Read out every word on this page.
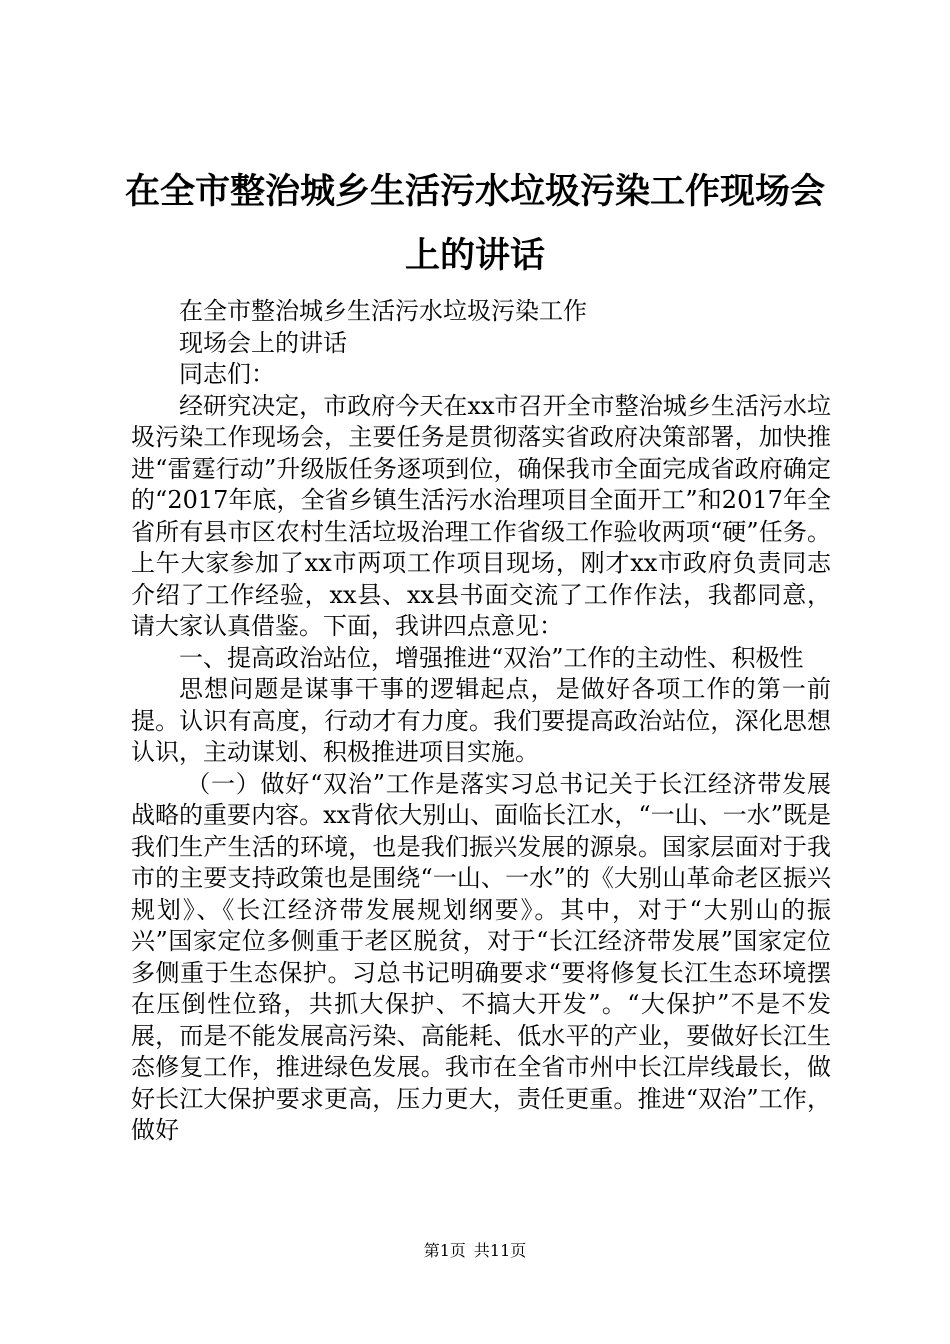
在全市整治城乡生活污水垃圾污染工作现场会上的讲话

在全市整治城乡生活污水垃圾污染工作

现场会上的讲话

同志们：

经研究决定，市政府今天在xx市召开全市整治城乡生活污水垃圾污染工作现场会，主要任务是贯彻落实省政府决策部署，加快推进“雷霆行动”升级版任务逐项到位，确保我市全面完成省政府确定的“2017年底，全省乡镇生活污水治理项目全面开工”和2017年全省所有县市区农村生活垃圾治理工作省级工作验收两项“硬”任务。上午大家参加了xx市两项工作项目现场，刚才xx市政府负责同志介绍了工作经验，xx县、xx县书面交流了工作作法，我都同意，请大家认真借鉴。下面，我讲四点意见：

一、提高政治站位，增强推进“双治”工作的主动性、积极性

思想问题是谋事干事的逻辑起点，是做好各项工作的第一前提。认识有高度，行动才有力度。我们要提高政治站位，深化思想认识，主动谋划、积极推进项目实施。

（一）做好“双治”工作是落实习总书记关于长江经济带发展战略的重要内容。xx背依大别山、面临长江水，“一山、一水”既是我们生产生活的环境，也是我们振兴发展的源泉。国家层面对于我市的主要支持政策也是围绕“一山、一水”的《大别山革命老区振兴规划》、《长江经济带发展规划纲要》。其中，对于“大别山的振兴”国家定位多侧重于老区脱贫，对于“长江经济带发展”国家定位多侧重于生态保护。习总书记明确要求“要将修复长江生态环境摆在压倒性位臵，共抓大保护、不搞大开发”。“大保护”不是不发展，而是不能发展高污染、高能耗、低水平的产业，要做好长江生态修复工作，推进绿色发展。我市在全省市州中长江岸线最长，做好长江大保护要求更高，压力更大，责任更重。推进“双治”工作，做好

第1页 共11页
